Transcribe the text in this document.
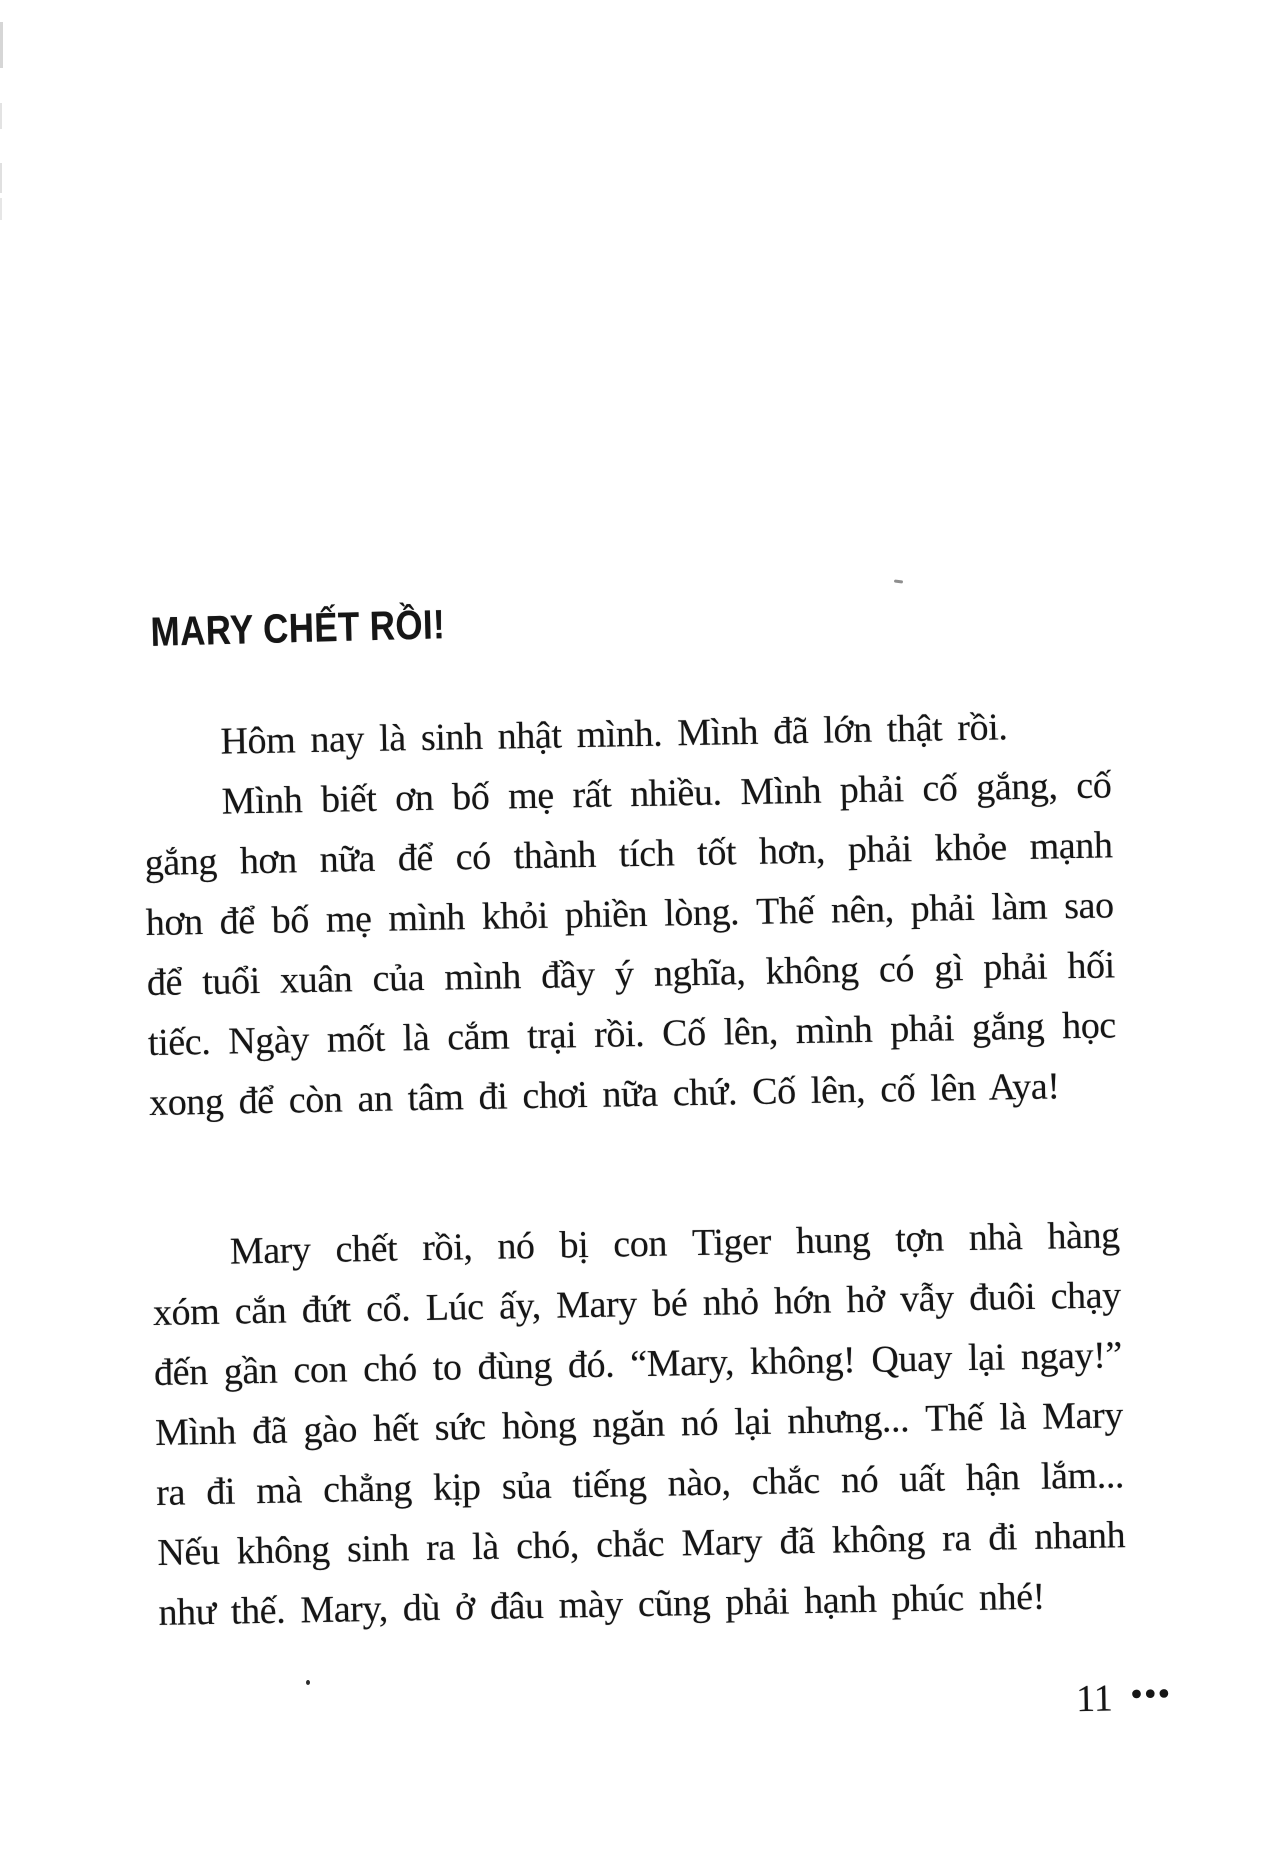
MARY CHẾT RỒI!
Hôm nay là sinh nhật mình. Mình đã lớn thật rồi.
Mình biết ơn bố mẹ rất nhiều. Mình phải cố gắng, cố
gắng hơn nữa để có thành tích tốt hơn, phải khỏe mạnh
hơn để bố mẹ mình khỏi phiền lòng. Thế nên, phải làm sao
để tuổi xuân của mình đầy ý nghĩa, không có gì phải hối
tiếc. Ngày mốt là cắm trại rồi. Cố lên, mình phải gắng học
xong để còn an tâm đi chơi nữa chứ. Cố lên, cố lên Aya!
Mary chết rồi, nó bị con Tiger hung tợn nhà hàng
xóm cắn đứt cổ. Lúc ấy, Mary bé nhỏ hớn hở vẫy đuôi chạy
đến gần con chó to đùng đó. “Mary, không! Quay lại ngay!”
Mình đã gào hết sức hòng ngăn nó lại nhưng... Thế là Mary
ra đi mà chẳng kịp sủa tiếng nào, chắc nó uất hận lắm...
Nếu không sinh ra là chó, chắc Mary đã không ra đi nhanh
như thế. Mary, dù ở đâu mày cũng phải hạnh phúc nhé!
11 •••
